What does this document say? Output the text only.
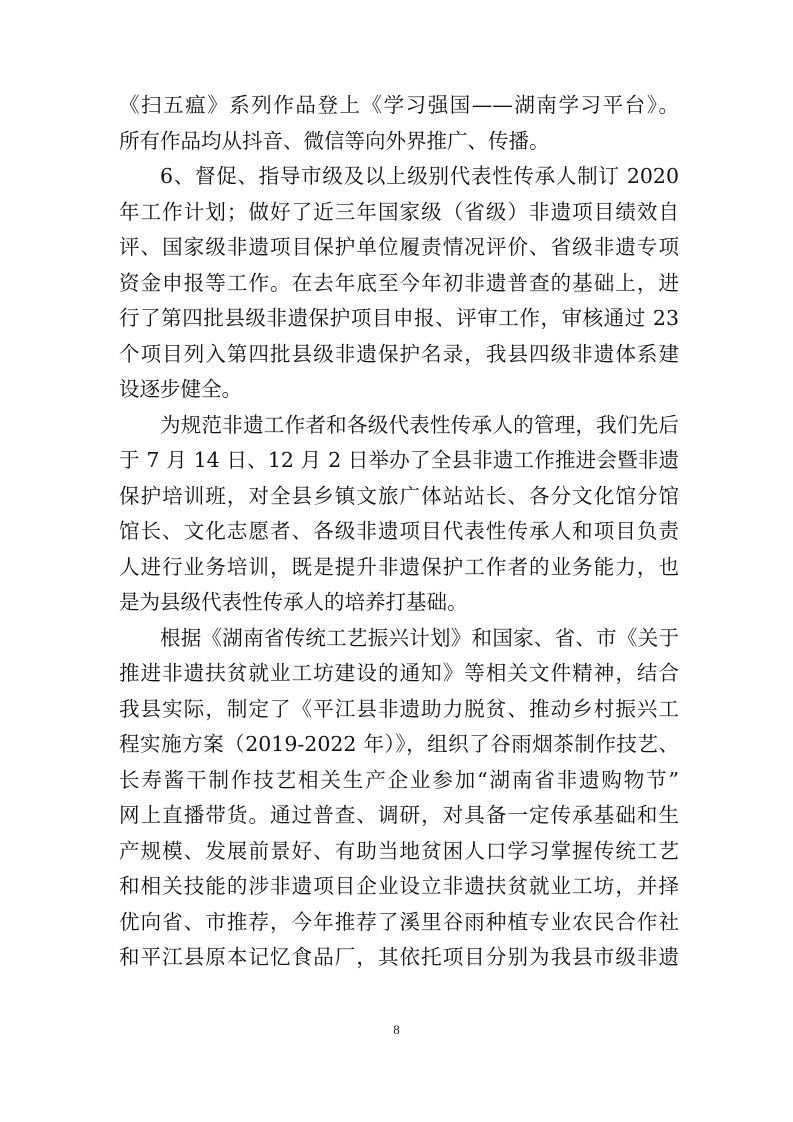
《扫五瘟》系列作品登上《学习强国——湖南学习平台》。
所有作品均从抖音、微信等向外界推广、传播。
6、督促、指导市级及以上级别代表性传承人制订 2020
年工作计划；做好了近三年国家级（省级）非遗项目绩效自
评、国家级非遗项目保护单位履责情况评价、省级非遗专项
资金申报等工作。在去年底至今年初非遗普查的基础上，进
行了第四批县级非遗保护项目申报、评审工作，审核通过 23
个项目列入第四批县级非遗保护名录，我县四级非遗体系建
设逐步健全。
为规范非遗工作者和各级代表性传承人的管理，我们先后
于 7 月 14 日、12 月 2 日举办了全县非遗工作推进会暨非遗
保护培训班，对全县乡镇文旅广体站站长、各分文化馆分馆
馆长、文化志愿者、各级非遗项目代表性传承人和项目负责
人进行业务培训，既是提升非遗保护工作者的业务能力，也
是为县级代表性传承人的培养打基础。
根据《湖南省传统工艺振兴计划》和国家、省、市《关于
推进非遗扶贫就业工坊建设的通知》等相关文件精神，结合
我县实际，制定了《平江县非遗助力脱贫、推动乡村振兴工
程实施方案（2019-2022 年）》，组织了谷雨烟茶制作技艺、
长寿酱干制作技艺相关生产企业参加“湖南省非遗购物节”
网上直播带货。通过普查、调研，对具备一定传承基础和生
产规模、发展前景好、有助当地贫困人口学习掌握传统工艺
和相关技能的涉非遗项目企业设立非遗扶贫就业工坊，并择
优向省、市推荐，今年推荐了溪里谷雨种植专业农民合作社
和平江县原本记忆食品厂，其依托项目分别为我县市级非遗
8
